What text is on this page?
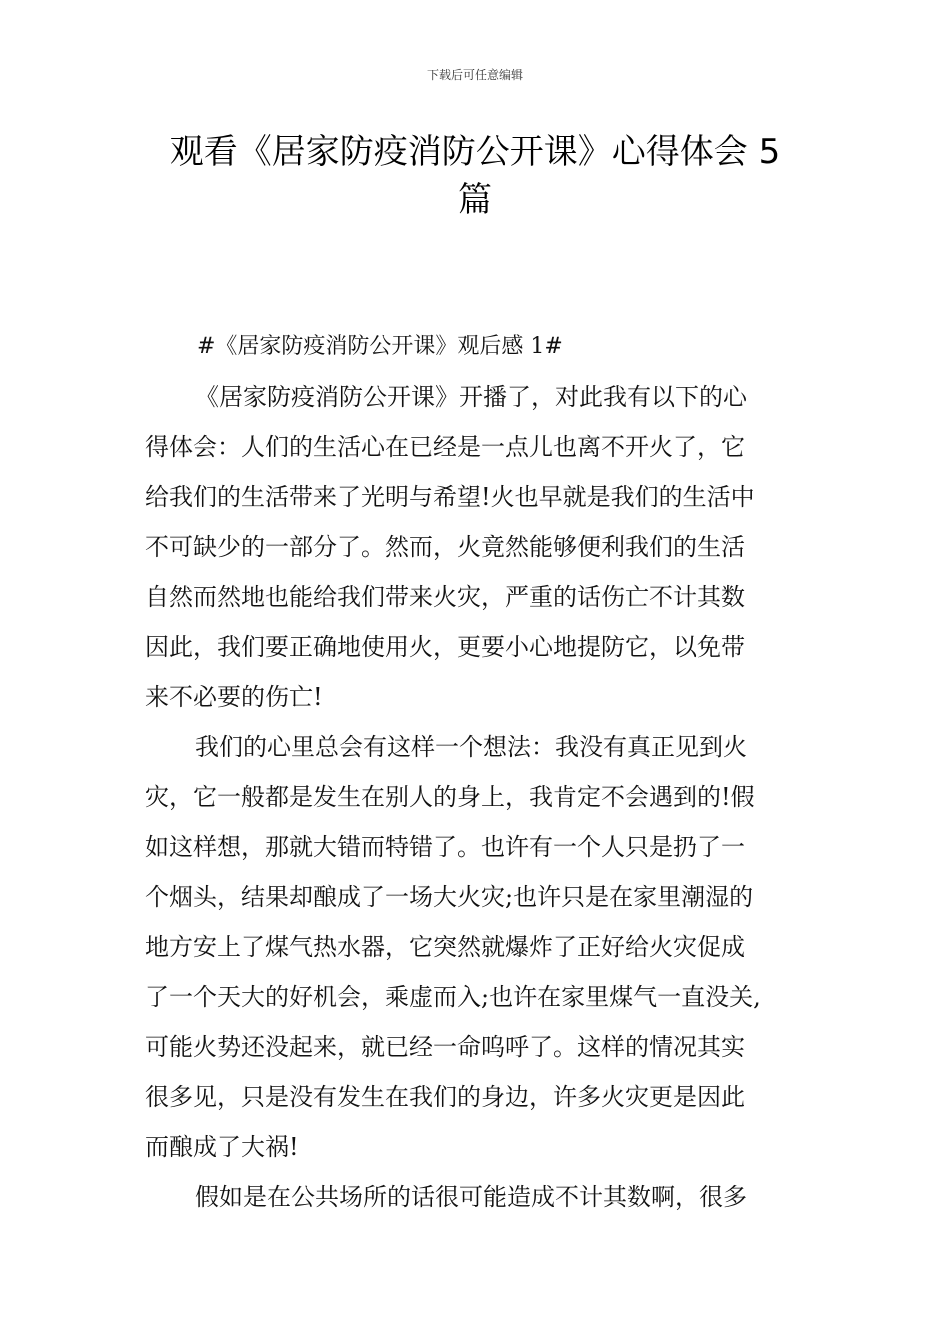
下载后可任意编辑
观看《居家防疫消防公开课》心得体会 5
篇
#《居家防疫消防公开课》观后感 1#
《居家防疫消防公开课》开播了，对此我有以下的心
得体会：人们的生活心在已经是一点儿也离不开火了，它
给我们的生活带来了光明与希望!火也早就是我们的生活中
不可缺少的一部分了。然而，火竟然能够便利我们的生活
自然而然地也能给我们带来火灾，严重的话伤亡不计其数
因此，我们要正确地使用火，更要小心地提防它，以免带
来不必要的伤亡!
我们的心里总会有这样一个想法：我没有真正见到火
灾，它一般都是发生在别人的身上，我肯定不会遇到的!假
如这样想，那就大错而特错了。也许有一个人只是扔了一
个烟头，结果却酿成了一场大火灾;也许只是在家里潮湿的
地方安上了煤气热水器，它突然就爆炸了正好给火灾促成
了一个天大的好机会，乘虚而入;也许在家里煤气一直没关,
可能火势还没起来，就已经一命呜呼了。这样的情况其实
很多见，只是没有发生在我们的身边，许多火灾更是因此
而酿成了大祸!
假如是在公共场所的话很可能造成不计其数啊，很多
